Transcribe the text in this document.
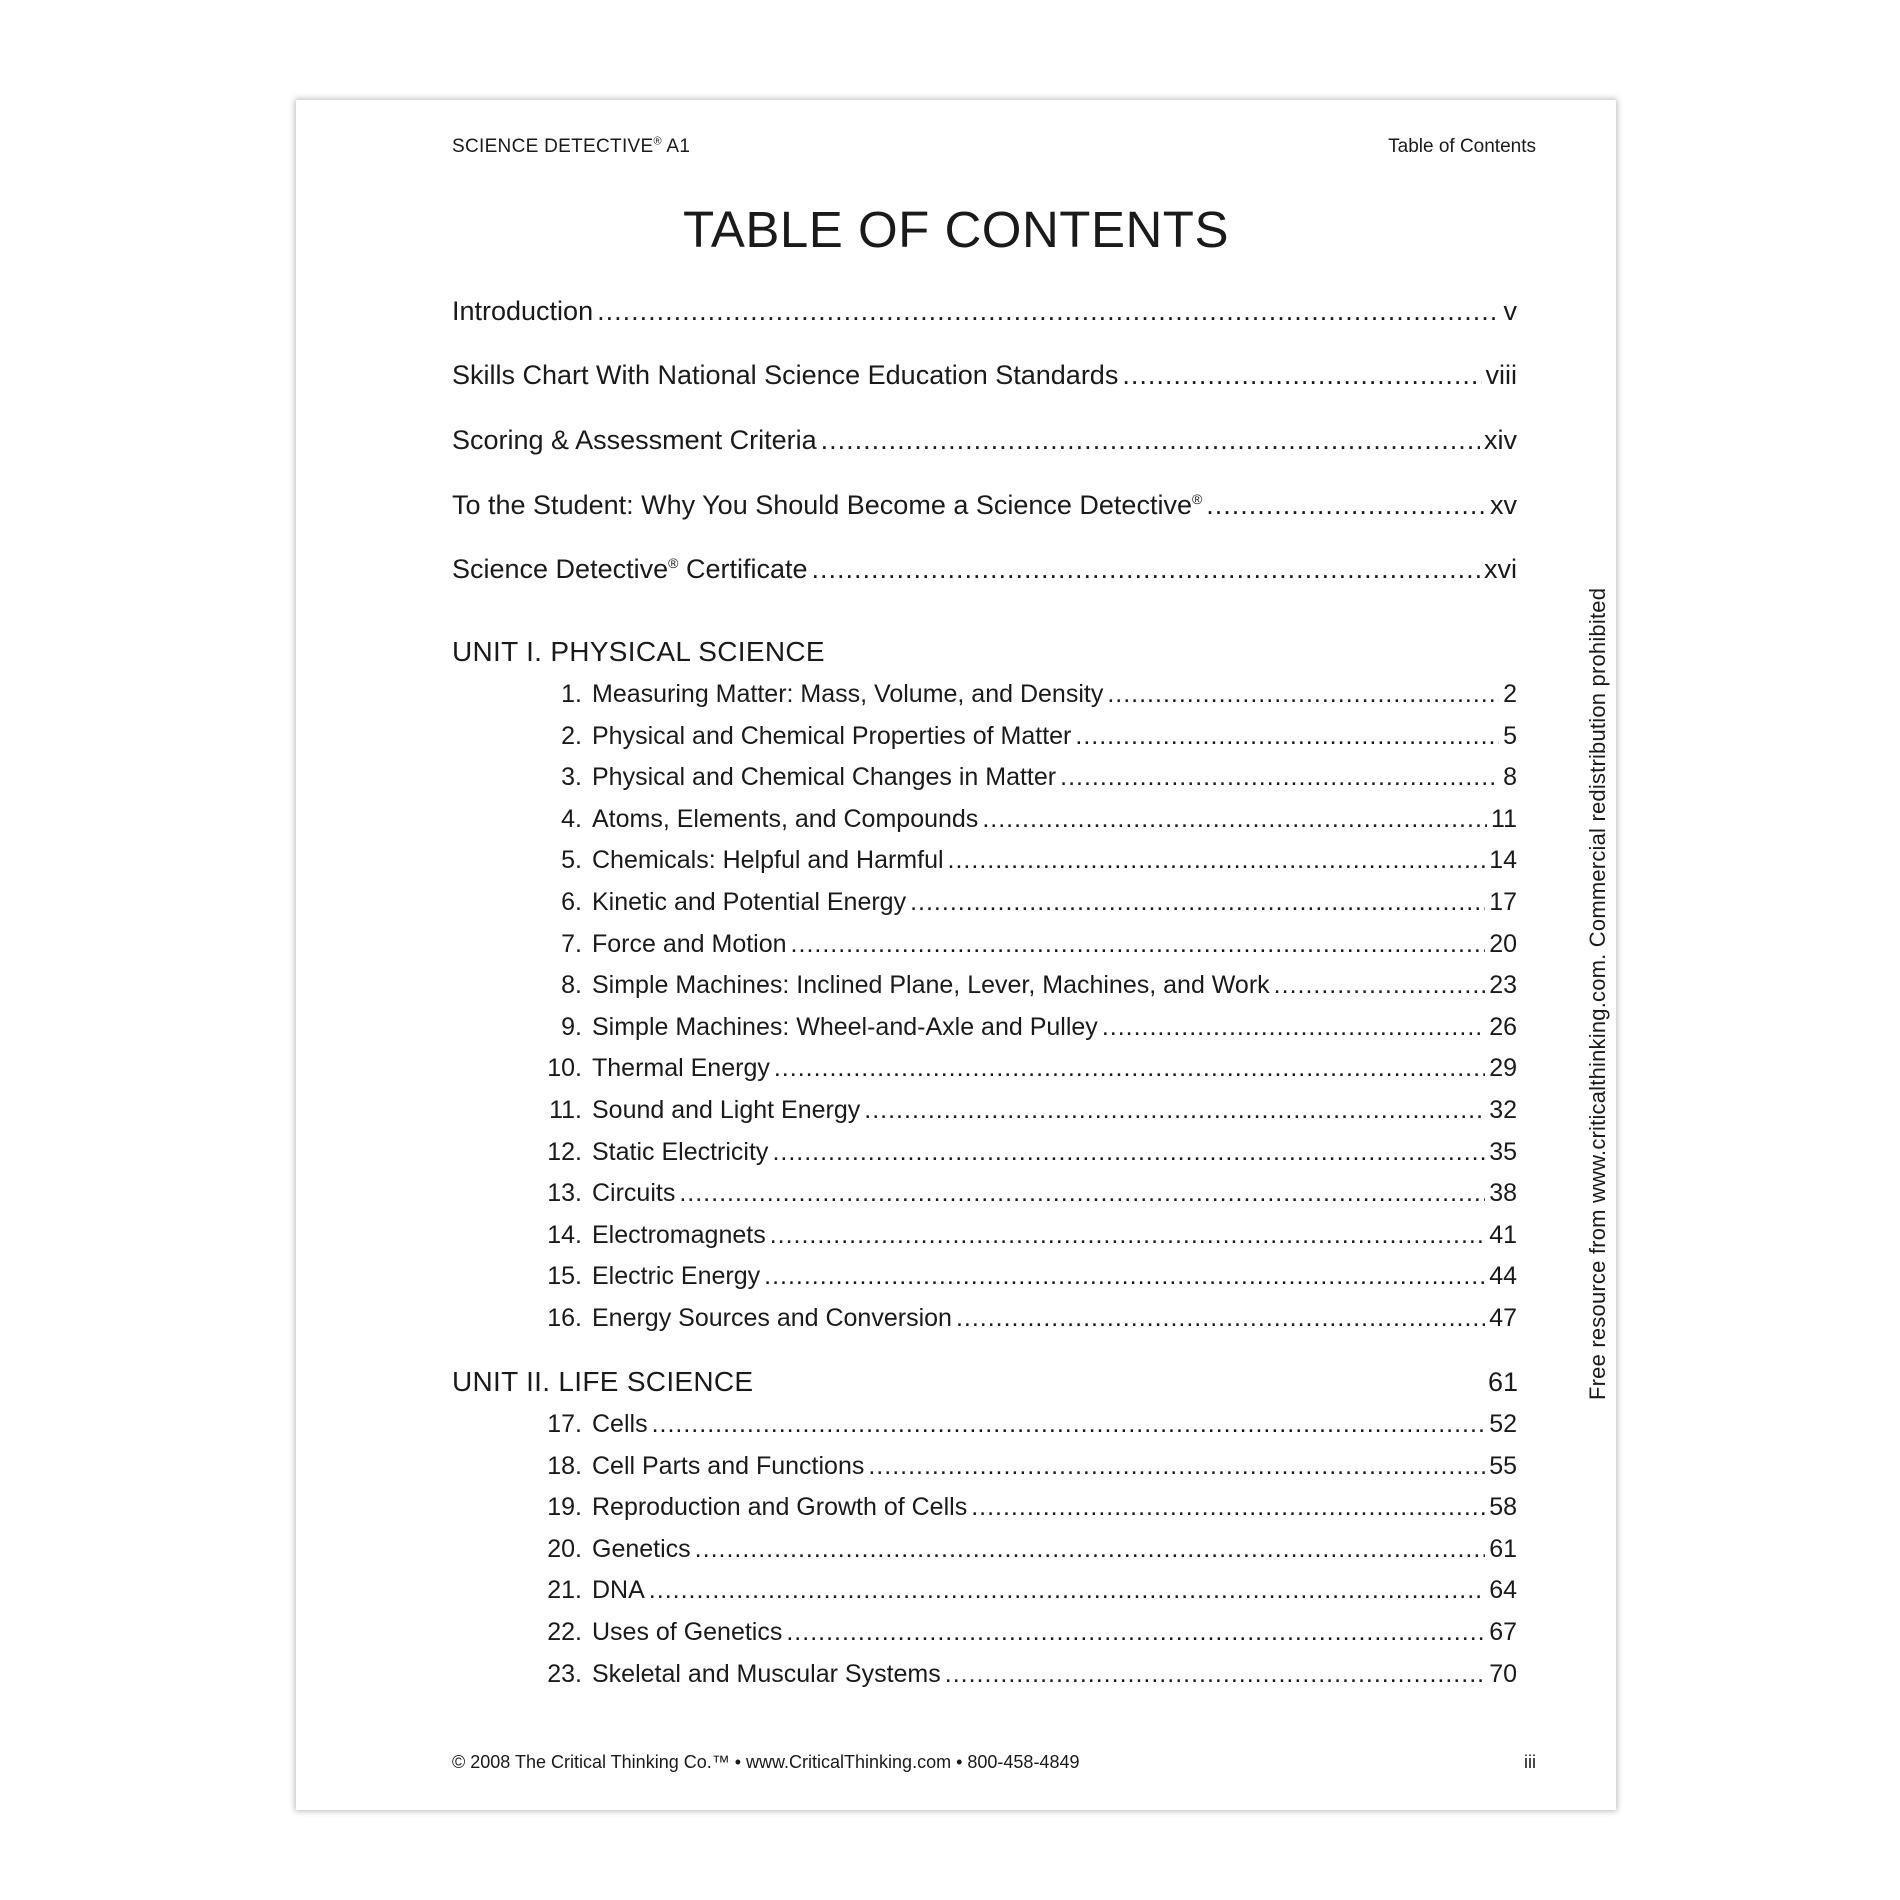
SCIENCE DETECTIVE® A1	Table of Contents
TABLE OF CONTENTS
Introduction .....	v
Skills Chart With National Science Education Standards .....	viii
Scoring & Assessment Criteria .....	xiv
To the Student: Why You Should Become a Science Detective® .....	xv
Science Detective® Certificate .....	xvi
UNIT I. PHYSICAL SCIENCE
1. Measuring Matter: Mass, Volume, and Density .....	2
2. Physical and Chemical Properties of Matter .....	5
3. Physical and Chemical Changes in Matter .....	8
4. Atoms, Elements, and Compounds .....	11
5. Chemicals: Helpful and Harmful .....	14
6. Kinetic and Potential Energy .....	17
7. Force and Motion .....	20
8. Simple Machines: Inclined Plane, Lever, Machines, and Work .....	23
9. Simple Machines: Wheel-and-Axle and Pulley .....	26
10. Thermal Energy .....	29
11. Sound and Light Energy .....	32
12. Static Electricity .....	35
13. Circuits .....	38
14. Electromagnets .....	41
15. Electric Energy .....	44
16. Energy Sources and Conversion .....	47
UNIT II. LIFE SCIENCE	61
17. Cells .....	52
18. Cell Parts and Functions .....	55
19. Reproduction and Growth of Cells .....	58
20. Genetics .....	61
21. DNA .....	64
22. Uses of Genetics .....	67
23. Skeletal and Muscular Systems .....	70
© 2008 The Critical Thinking Co.™ • www.CriticalThinking.com • 800-458-4849	iii
Free resource from www.criticalthinking.com. Commercial redistribution prohibited
